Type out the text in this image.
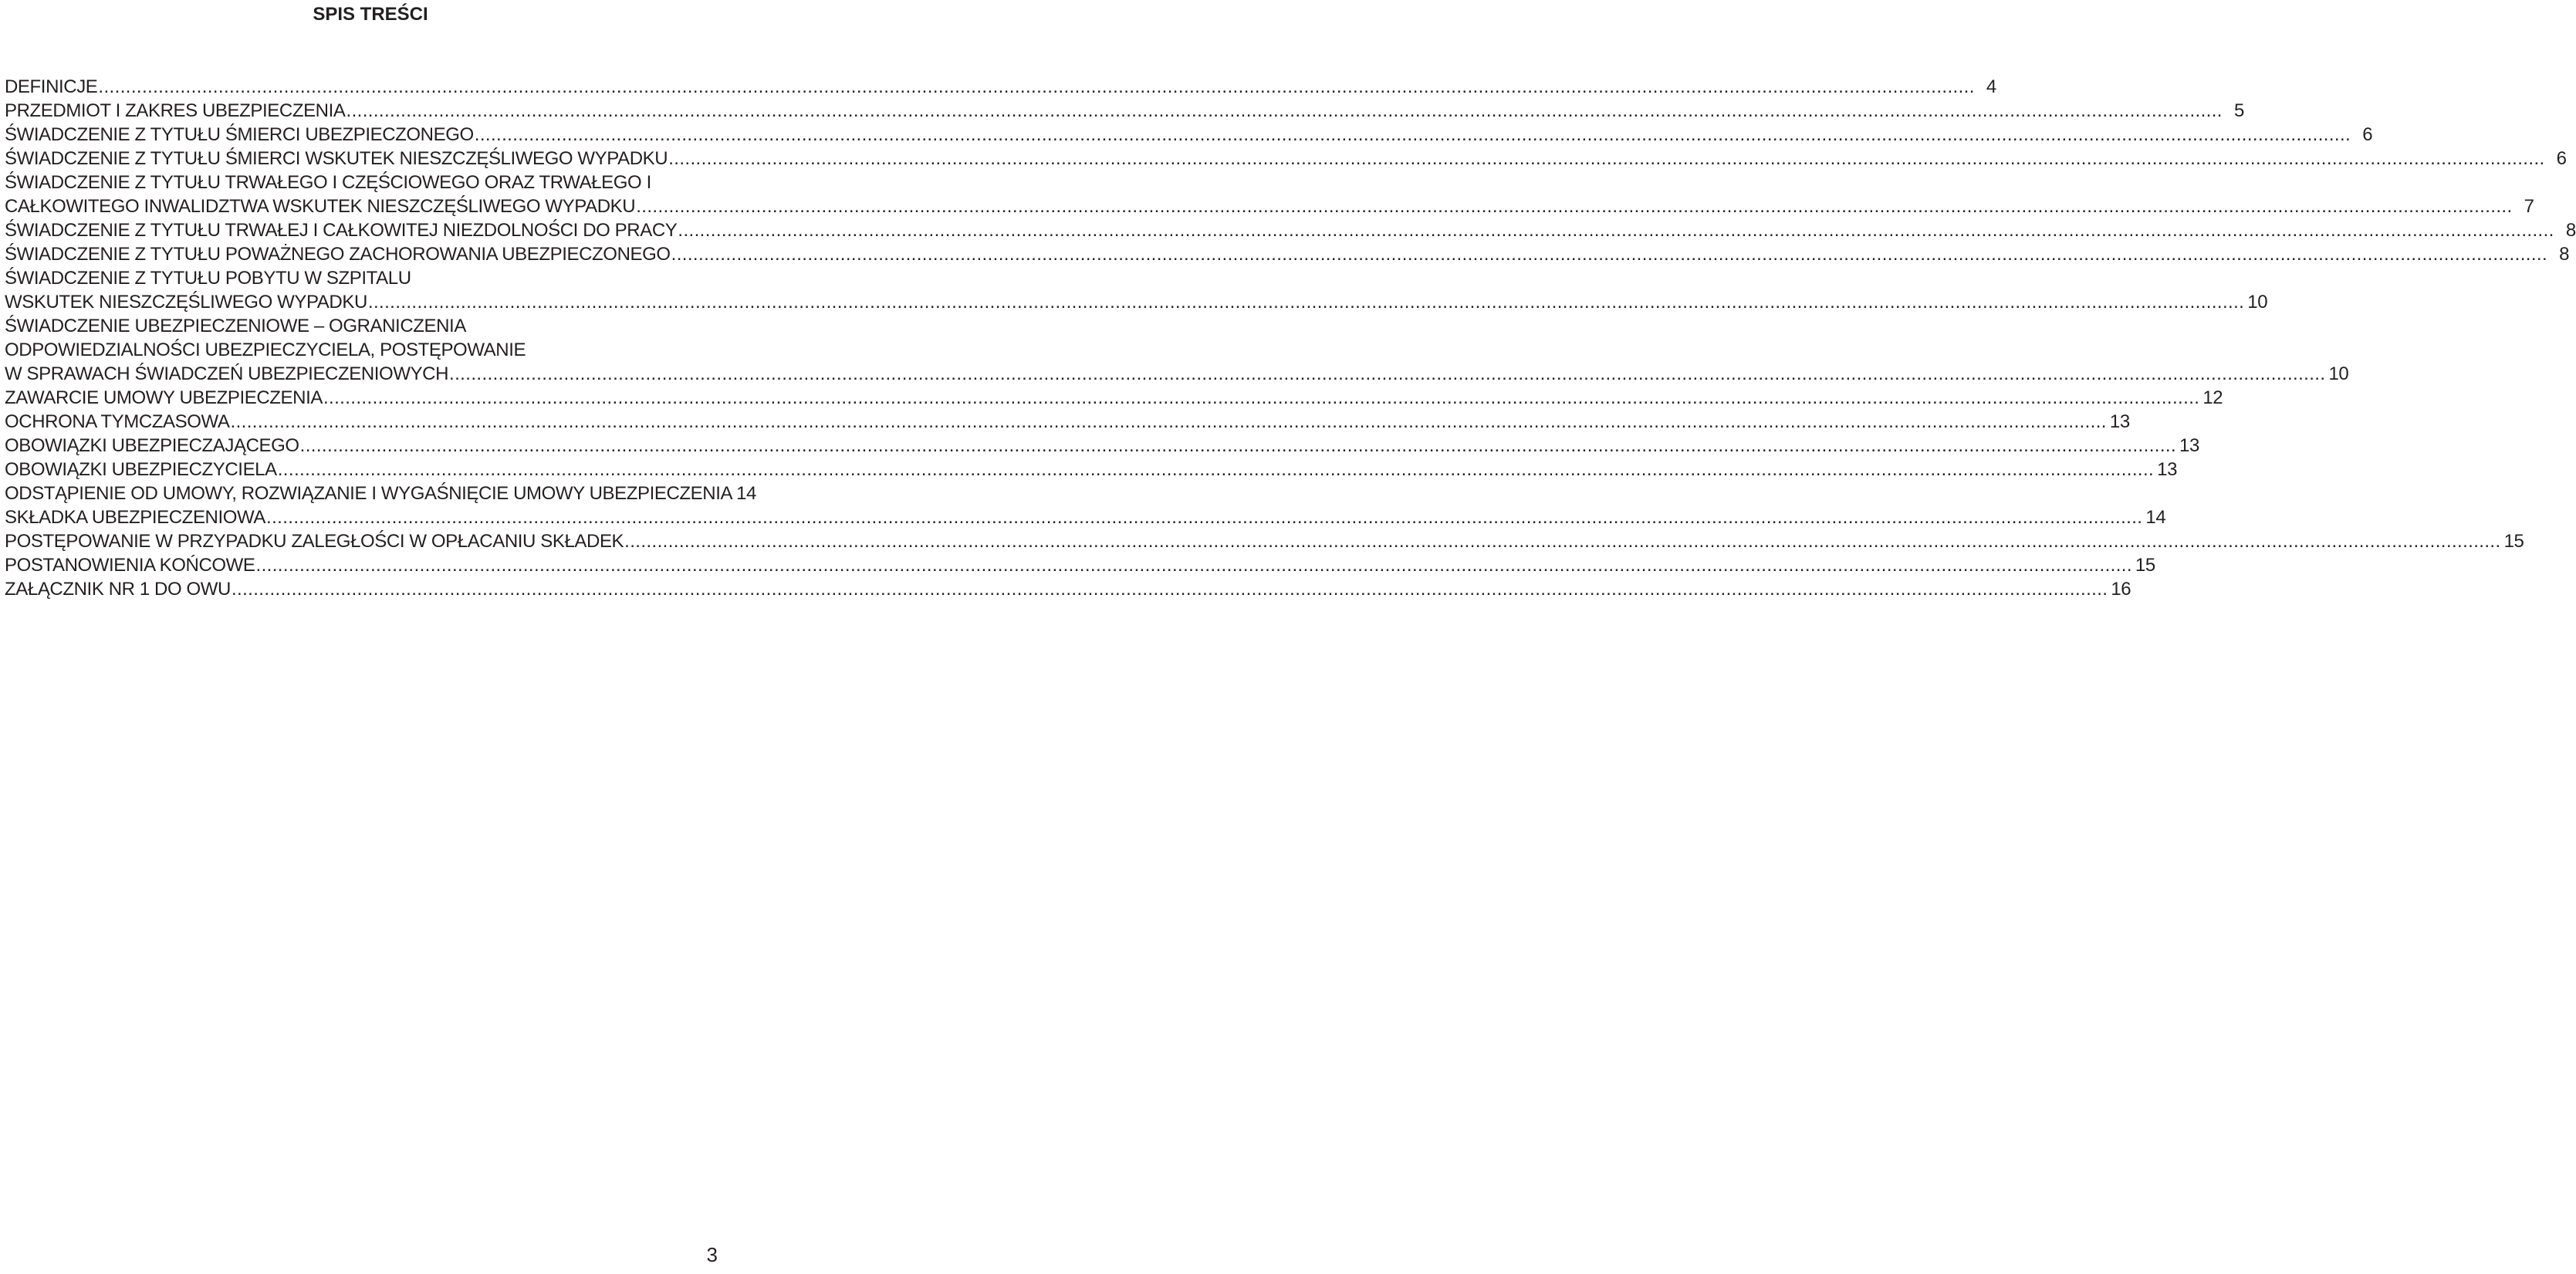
SPIS TREŚCI
DEFINICJE .....	4
PRZEDMIOT I ZAKRES UBEZPIECZENIA .....	5
ŚWIADCZENIE Z TYTUŁU ŚMIERCI UBEZPIECZONEGO .....	6
ŚWIADCZENIE Z TYTUŁU ŚMIERCI WSKUTEK NIESZCZĘŚLIWEGO WYPADKU .....	6
ŚWIADCZENIE Z TYTUŁU TRWAŁEGO I CZĘŚCIOWEGO ORAZ TRWAŁEGO I
CAŁKOWITEGO INWALIDZTWA WSKUTEK NIESZCZĘŚLIWEGO WYPADKU .....	7
ŚWIADCZENIE Z TYTUŁU TRWAŁEJ I CAŁKOWITEJ NIEZDOLNOŚCI DO PRACY .....	8
ŚWIADCZENIE Z TYTUŁU POWAŻNEGO ZACHOROWANIA UBEZPIECZONEGO .....	8
ŚWIADCZENIE Z TYTUŁU POBYTU W SZPITALU
WSKUTEK NIESZCZĘŚLIWEGO WYPADKU .....	10
ŚWIADCZENIE UBEZPIECZENIOWE – OGRANICZENIA
ODPOWIEDZIALNOŚCI UBEZPIECZYCIELA, POSTĘPOWANIE
W SPRAWACH ŚWIADCZEŃ UBEZPIECZENIOWYCH .....	10
ZAWARCIE UMOWY UBEZPIECZENIA .....	12
OCHRONA TYMCZASOWA .....	13
OBOWIĄZKI UBEZPIECZAJĄCEGO .....	13
OBOWIĄZKI UBEZPIECZYCIELA .....	13
ODSTĄPIENIE OD UMOWY, ROZWIĄZANIE I WYGAŚNIĘCIE UMOWY UBEZPIECZENIA 14
SKŁADKA UBEZPIECZENIOWA .....	14
POSTĘPOWANIE W PRZYPADKU ZALEGŁOŚCI W OPŁACANIU SKŁADEK .....	15
POSTANOWIENIA KOŃCOWE .....	15
ZAŁĄCZNIK NR 1 DO OWU .....	16
3
